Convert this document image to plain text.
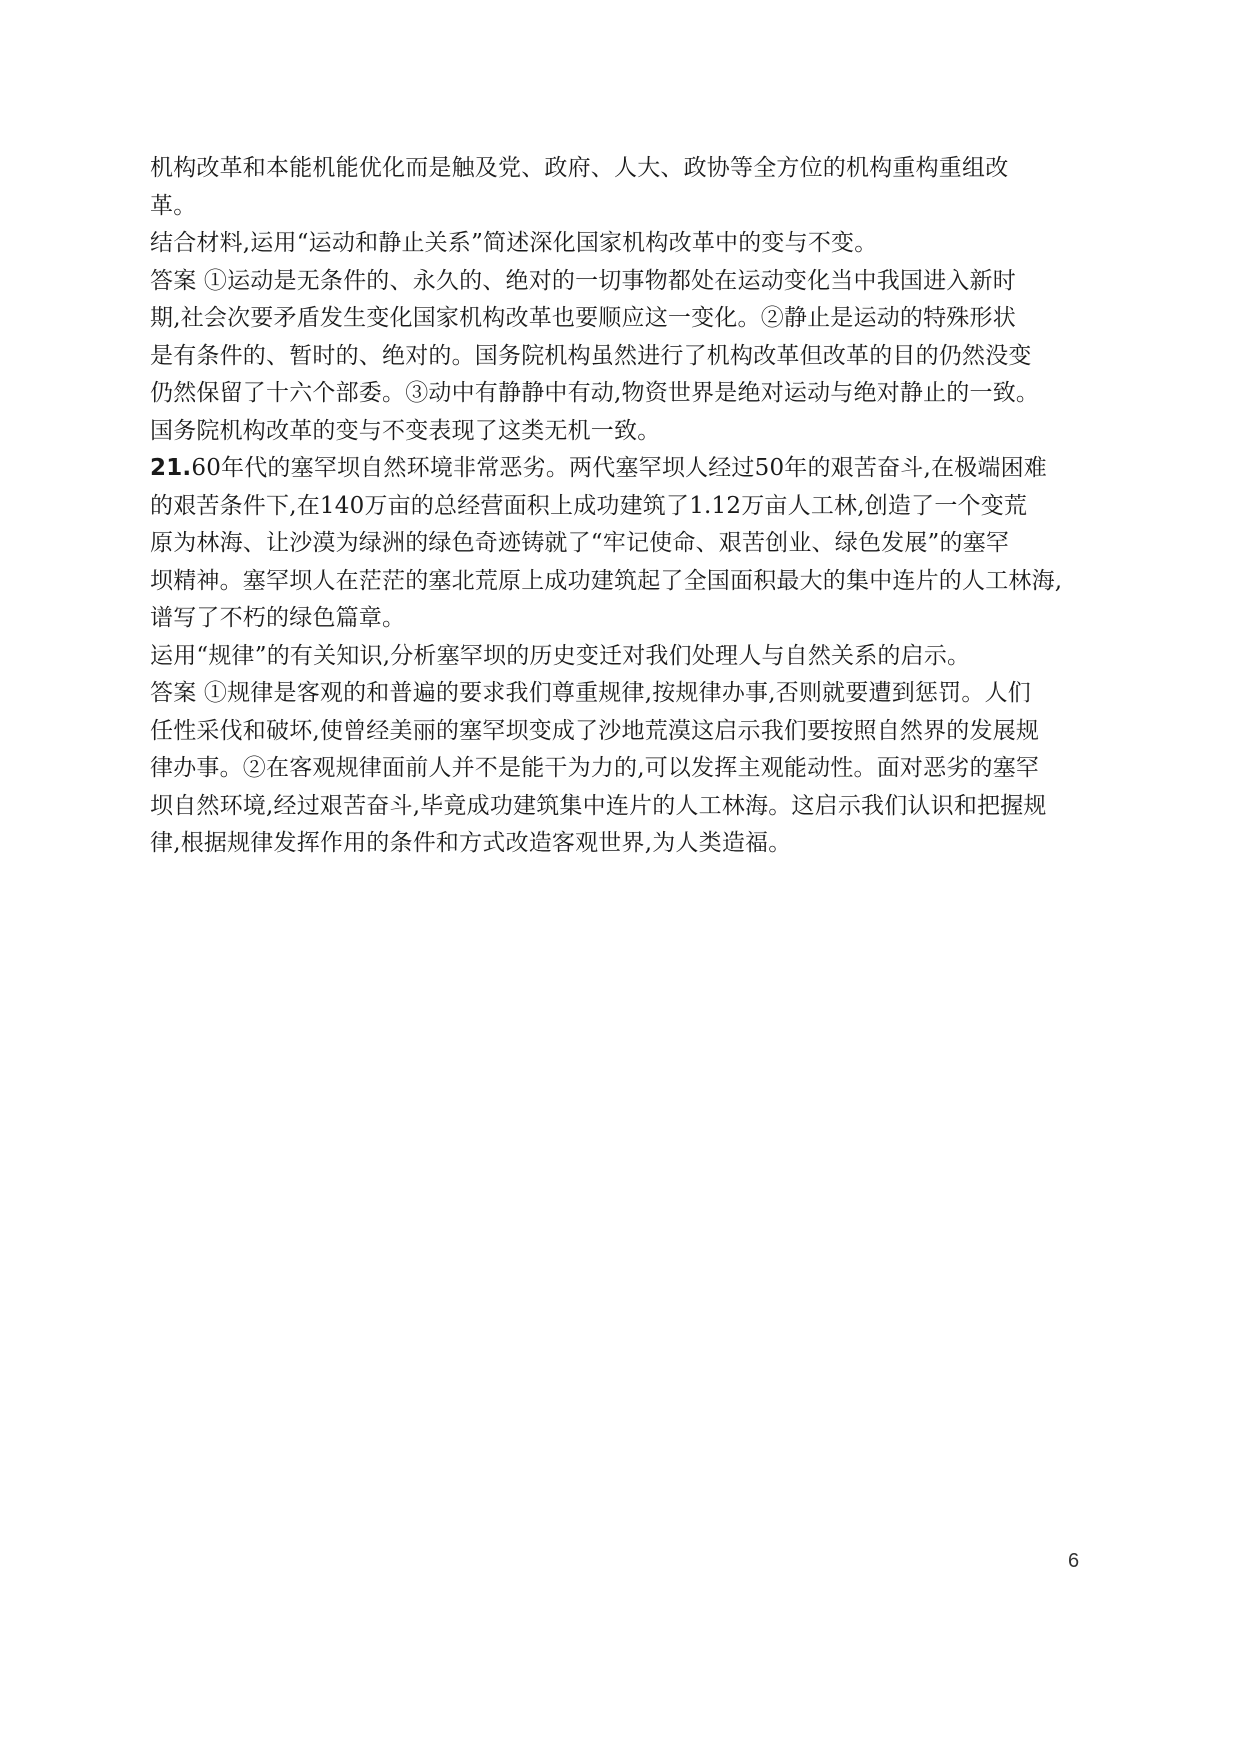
机构改革和本能机能优化而是触及党、政府、人大、政协等全方位的机构重构重组改
革。
结合材料,运用“运动和静止关系”简述深化国家机构改革中的变与不变。
答案 ①运动是无条件的、永久的、绝对的一切事物都处在运动变化当中我国进入新时
期,社会次要矛盾发生变化国家机构改革也要顺应这一变化。②静止是运动的特殊形状
是有条件的、暂时的、绝对的。国务院机构虽然进行了机构改革但改革的目的仍然没变
仍然保留了十六个部委。③动中有静静中有动,物资世界是绝对运动与绝对静止的一致。
国务院机构改革的变与不变表现了这类无机一致。
21.60年代的塞罕坝自然环境非常恶劣。两代塞罕坝人经过50年的艰苦奋斗,在极端困难
的艰苦条件下,在140万亩的总经营面积上成功建筑了1.12万亩人工林,创造了一个变荒
原为林海、让沙漠为绿洲的绿色奇迹铸就了“牢记使命、艰苦创业、绿色发展”的塞罕
坝精神。塞罕坝人在茫茫的塞北荒原上成功建筑起了全国面积最大的集中连片的人工林海,
谱写了不朽的绿色篇章。
运用“规律”的有关知识,分析塞罕坝的历史变迁对我们处理人与自然关系的启示。
答案 ①规律是客观的和普遍的要求我们尊重规律,按规律办事,否则就要遭到惩罚。人们
任性采伐和破坏,使曾经美丽的塞罕坝变成了沙地荒漠这启示我们要按照自然界的发展规
律办事。②在客观规律面前人并不是能干为力的,可以发挥主观能动性。面对恶劣的塞罕
坝自然环境,经过艰苦奋斗,毕竟成功建筑集中连片的人工林海。这启示我们认识和把握规
律,根据规律发挥作用的条件和方式改造客观世界,为人类造福。
6
